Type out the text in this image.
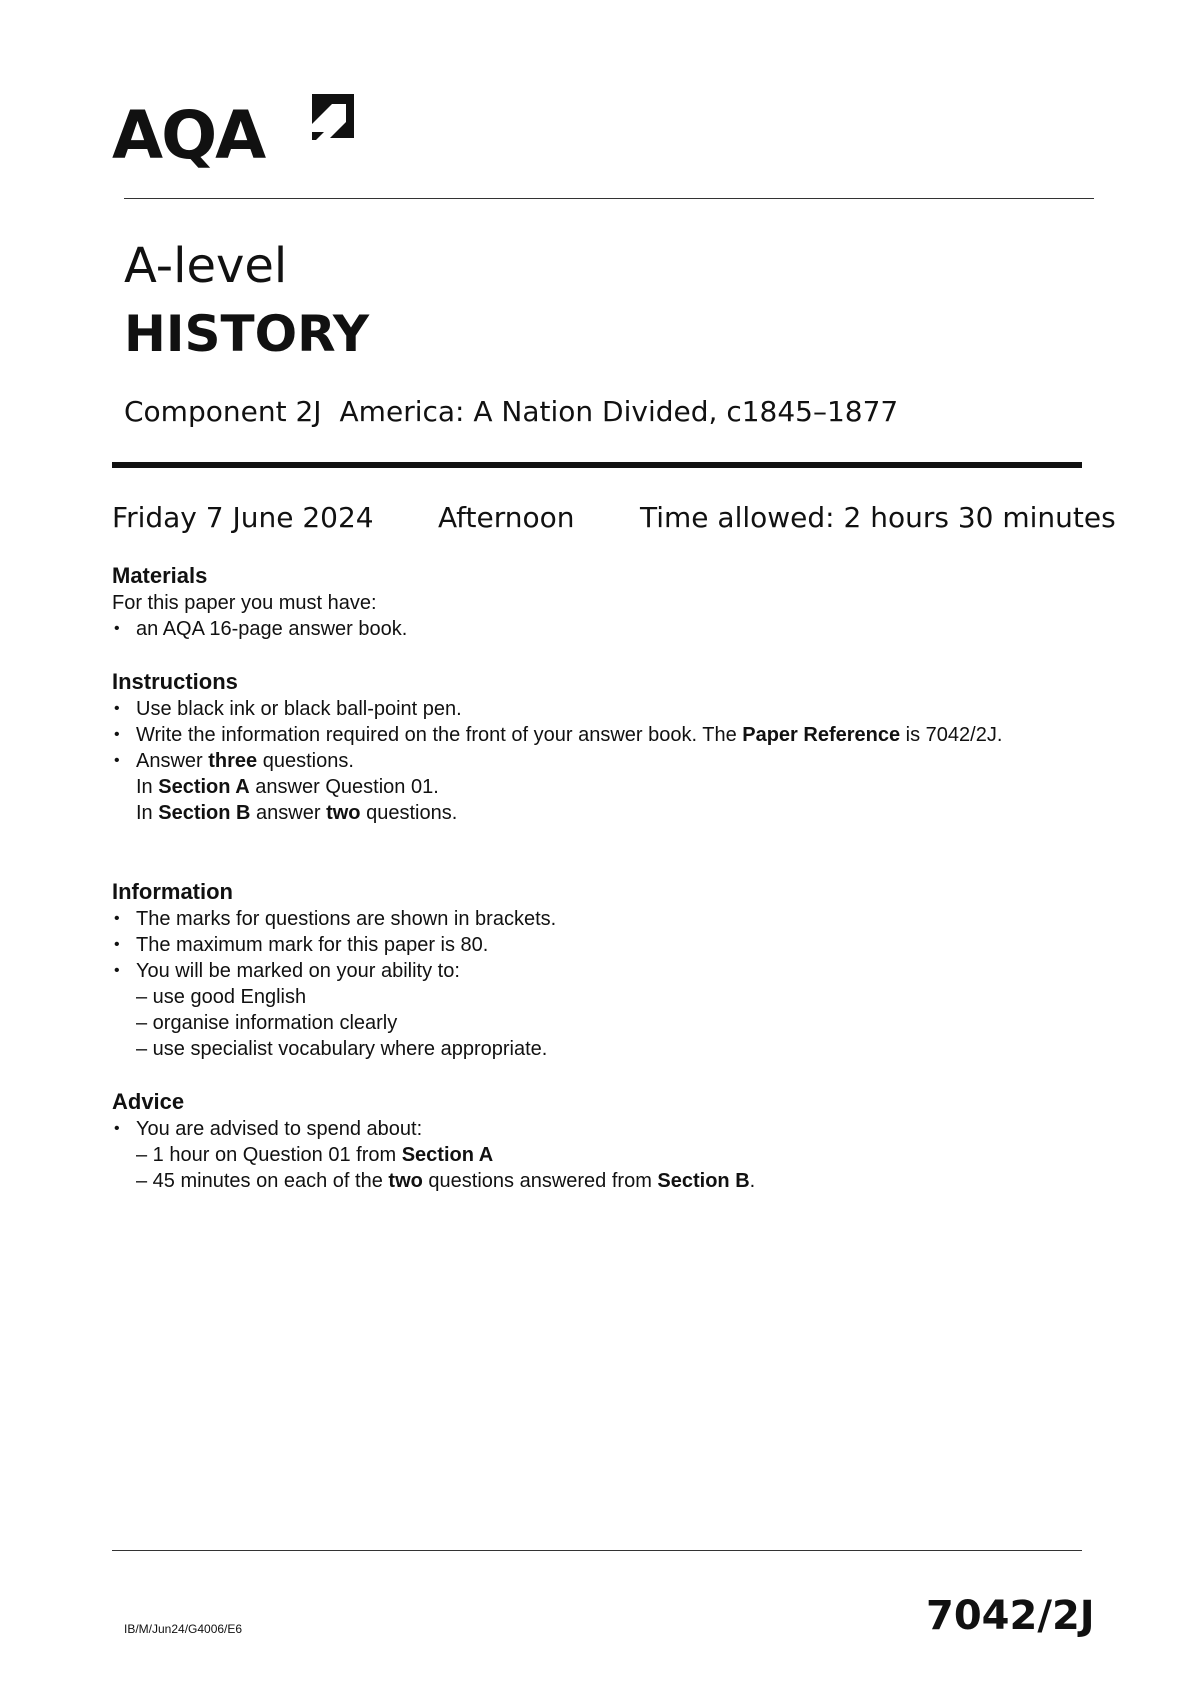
AQA
A-level
HISTORY
Component 2J America: A Nation Divided, c1845–1877
Friday 7 June 2024 Afternoon Time allowed: 2 hours 30 minutes
Materials

For this paper you must have:

• an AQA 16-page answer book.
Instructions
• Use black ink or black ball-point pen.
• Write the information required on the front of your answer book. The Paper Reference is 7042/2J.
• Answer three questions.
In Section A answer Question 01.
In Section B answer two questions.
Information
• The marks for questions are shown in brackets.
• The maximum mark for this paper is 80.
• You will be marked on your ability to:
– use good English
– organise information clearly
– use specialist vocabulary where appropriate.
Advice
• You are advised to spend about:
– 1 hour on Question 01 from Section A
– 45 minutes on each of the two questions answered from Section B.
IB/M/Jun24/G4006/E6	7042/2J
